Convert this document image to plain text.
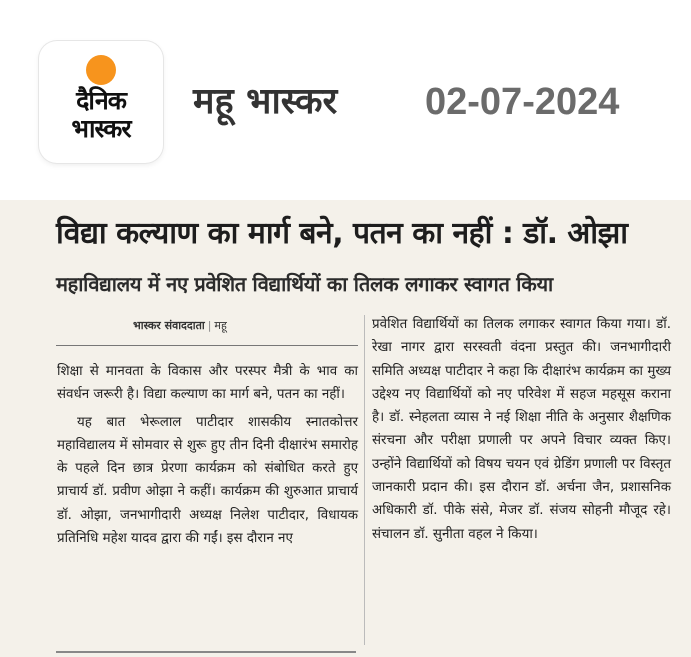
दैनिक
भास्कर
महू भास्कर 02-07-2024
विद्या कल्याण का मार्ग बने, पतन का नहीं : डॉ. ओझा
महाविद्यालय में नए प्रवेशित विद्यार्थियों का तिलक लगाकर स्वागत किया
भास्कर संवाददाता | महू

शिक्षा से मानवता के विकास और परस्पर मैत्री के भाव का संवर्धन जरूरी है। विद्या कल्याण का मार्ग बने, पतन का नहीं।

यह बात भेरूलाल पाटीदार शासकीय स्नातकोत्तर महाविद्यालय में सोमवार से शुरू हुए तीन दिनी दीक्षारंभ समारोह के पहले दिन छात्र प्रेरणा कार्यक्रम को संबोधित करते हुए प्राचार्य डॉ. प्रवीण ओझा ने कहीं। कार्यक्रम की शुरुआत प्राचार्य डॉ. ओझा, जनभागीदारी अध्यक्ष निलेश पाटीदार, विधायक प्रतिनिधि महेश यादव द्वारा की गईं। इस दौरान नए

प्रवेशित विद्यार्थियों का तिलक लगाकर स्वागत किया गया। डॉ. रेखा नागर द्वारा सरस्वती वंदना प्रस्तुत की। जनभागीदारी समिति अध्यक्ष पाटीदार ने कहा कि दीक्षारंभ कार्यक्रम का मुख्य उद्देश्य नए विद्यार्थियों को नए परिवेश में सहज महसूस कराना है। डॉ. स्नेहलता व्यास ने नई शिक्षा नीति के अनुसार शैक्षणिक संरचना और परीक्षा प्रणाली पर अपने विचार व्यक्त किए। उन्होंने विद्यार्थियों को विषय चयन एवं ग्रेडिंग प्रणाली पर विस्तृत जानकारी प्रदान की। इस दौरान डॉ. अर्चना जैन, प्रशासनिक अधिकारी डॉ. पीके संसे, मेजर डॉ. संजय सोहनी मौजूद रहे। संचालन डॉ. सुनीता वहल ने किया।
